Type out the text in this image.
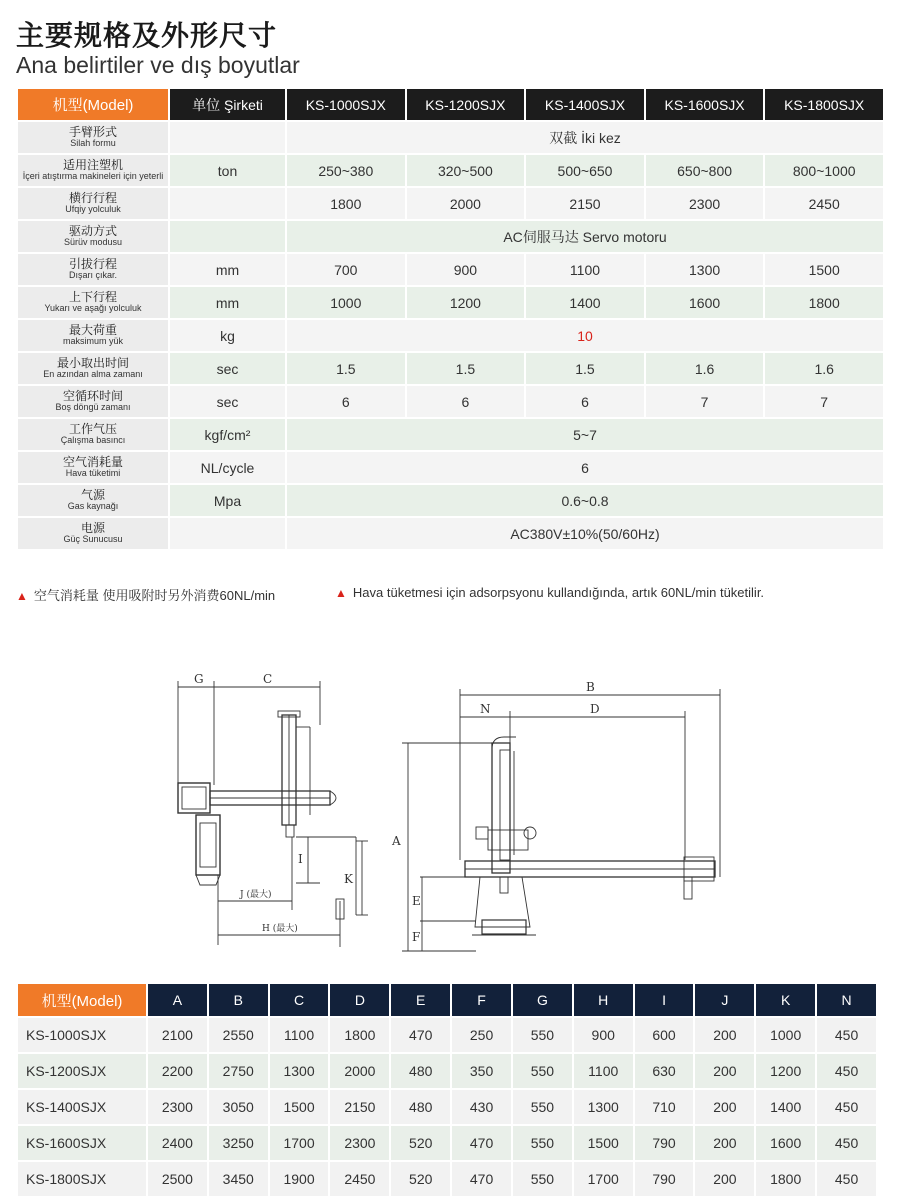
主要规格及外形尺寸
Ana belirtiler ve dış boyutlar
机型(Model)	单位 Şirketi	KS-1000SJX	KS-1200SJX	KS-1400SJX	KS-1600SJX	KS-1800SJX

手臂形式
Silah formu		双截 İki kez				

适用注塑机
İçeri atıştırma makineleri için yeterli	ton	250~380	320~500	500~650	650~800	800~1000

横行行程
Ufqiy yolculuk		1800	2000	2150	2300	2450

驱动方式
Sürüv modusu		AC伺服马达 Servo motoru				

引拔行程
Dışarı çıkar.	mm	700	900	1100	1300	1500

上下行程
Yukarı ve aşağı yolculuk	mm	1000	1200	1400	1600	1800

最大荷重
maksimum yük	kg	10				

最小取出时间
En azından alma zamanı	sec	1.5	1.5	1.5	1.6	1.6

空循环时间
Boş döngü zamanı	sec	6	6	6	7	7

工作气压
Çalışma basıncı	kgf/cm²	5~7				

空气消耗量
Hava tüketimi	NL/cycle	6				

气源
Gas kaynağı	Mpa	0.6~0.8				

电源
Güç Sunucusu		AC380V±10%(50/60Hz)				
▲ 空气消耗量 使用吸附时另外消费60NL/min	▲ Hava tüketmesi için adsorpsyonu kullandığında, artık 60NL/min tüketilir.
G	C
B
N	D
A
E
F
I
K
J (最大)
H (最大)
机型(Model)	A	B	C	D	E	F	G	H	I	J	K	N
KS-1000SJX	2100	2550	1100	1800	470	250	550	900	600	200	1000	450
KS-1200SJX	2200	2750	1300	2000	480	350	550	1100	630	200	1200	450
KS-1400SJX	2300	3050	1500	2150	480	430	550	1300	710	200	1400	450
KS-1600SJX	2400	3250	1700	2300	520	470	550	1500	790	200	1600	450
KS-1800SJX	2500	3450	1900	2450	520	470	550	1700	790	200	1800	450
